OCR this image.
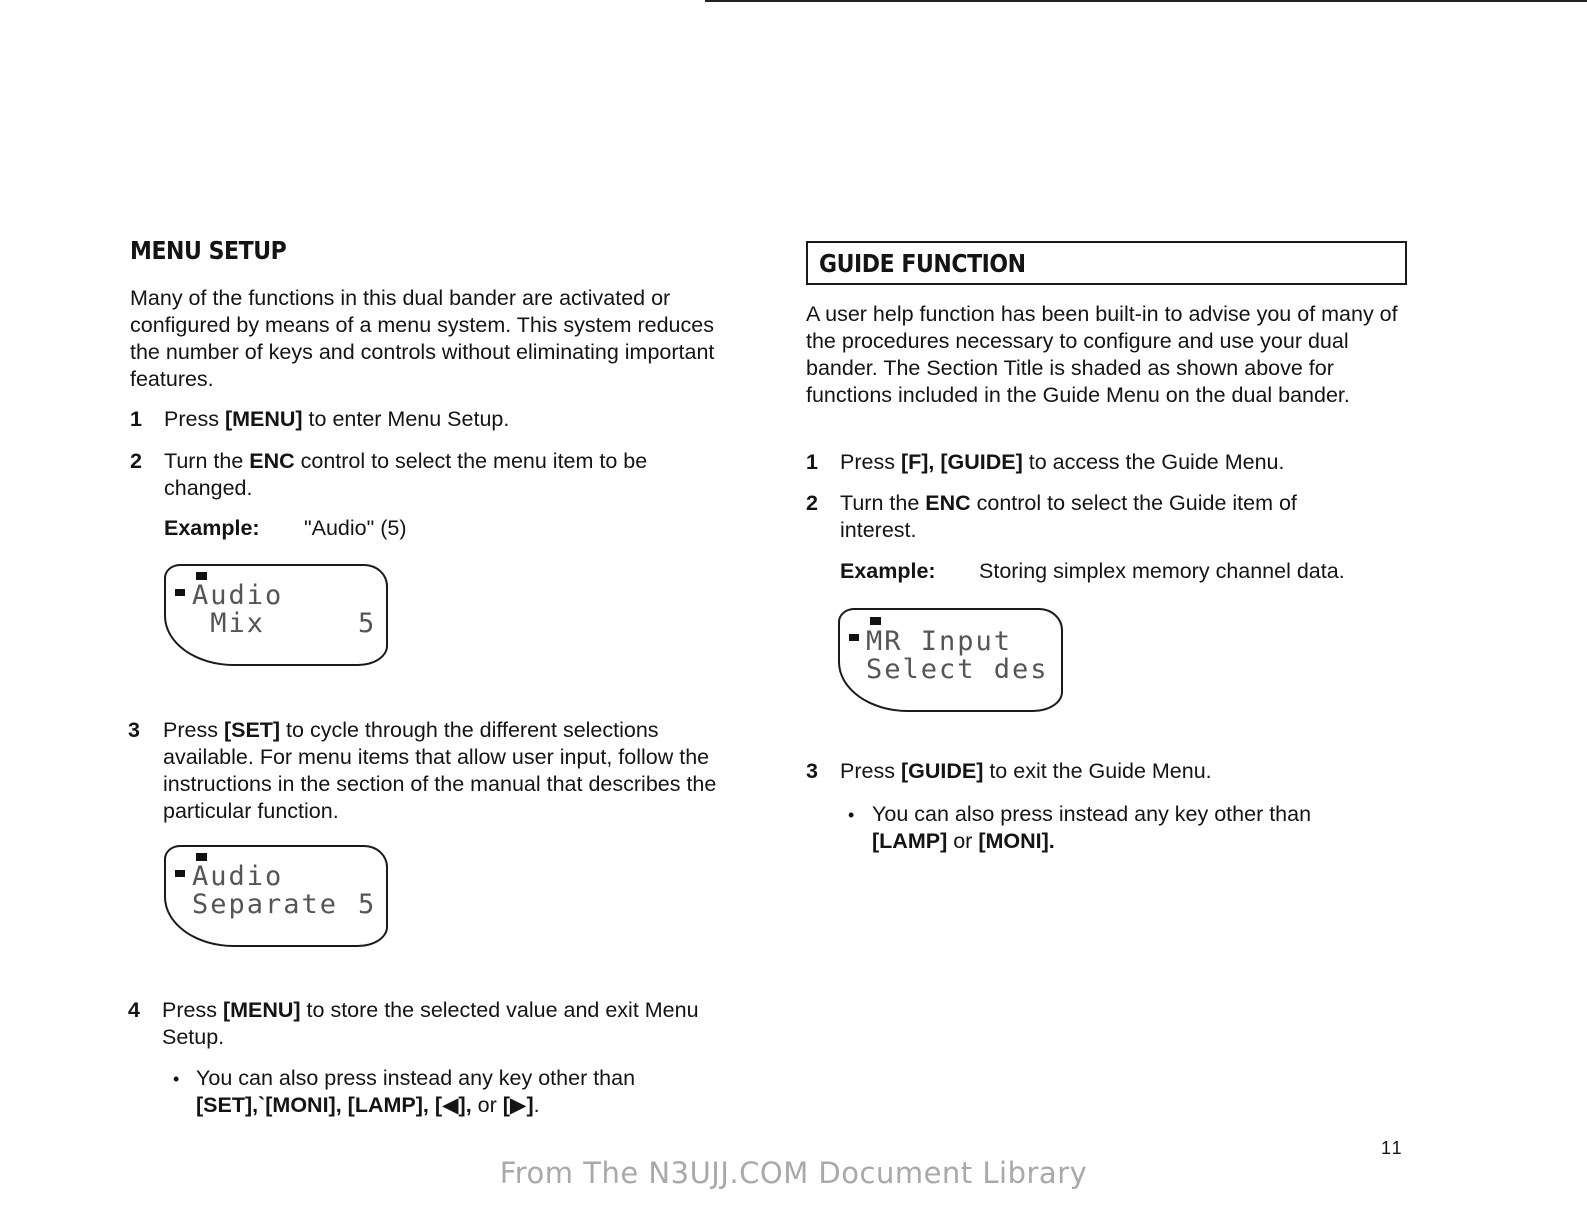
MENU SETUP
Many of the functions in this dual bander are activated or configured by means of a menu system. This system reduces the number of keys and controls without eliminating important features.
1 Press [MENU] to enter Menu Setup.
2 Turn the ENC control to select the menu item to be changed.
Example: "Audio" (5)
Audio
Mix	5
3 Press [SET] to cycle through the different selections available. For menu items that allow user input, follow the instructions in the section of the manual that describes the particular function.
Audio
Separate 5
4 Press [MENU] to store the selected value and exit Menu Setup.
• You can also press instead any key other than
[SET],`[MONI], [LAMP], [◀], or [▶].
GUIDE FUNCTION
A user help function has been built-in to advise you of many of the procedures necessary to configure and use your dual bander. The Section Title is shaded as shown above for functions included in the Guide Menu on the dual bander.
1 Press [F], [GUIDE] to access the Guide Menu.
2 Turn the ENC control to select the Guide item of interest.
Example: Storing simplex memory channel data.
MR Input
Select des
3 Press [GUIDE] to exit the Guide Menu.
• You can also press instead any key other than
[LAMP] or [MONI].
11
From The N3UJJ.COM Document Library
